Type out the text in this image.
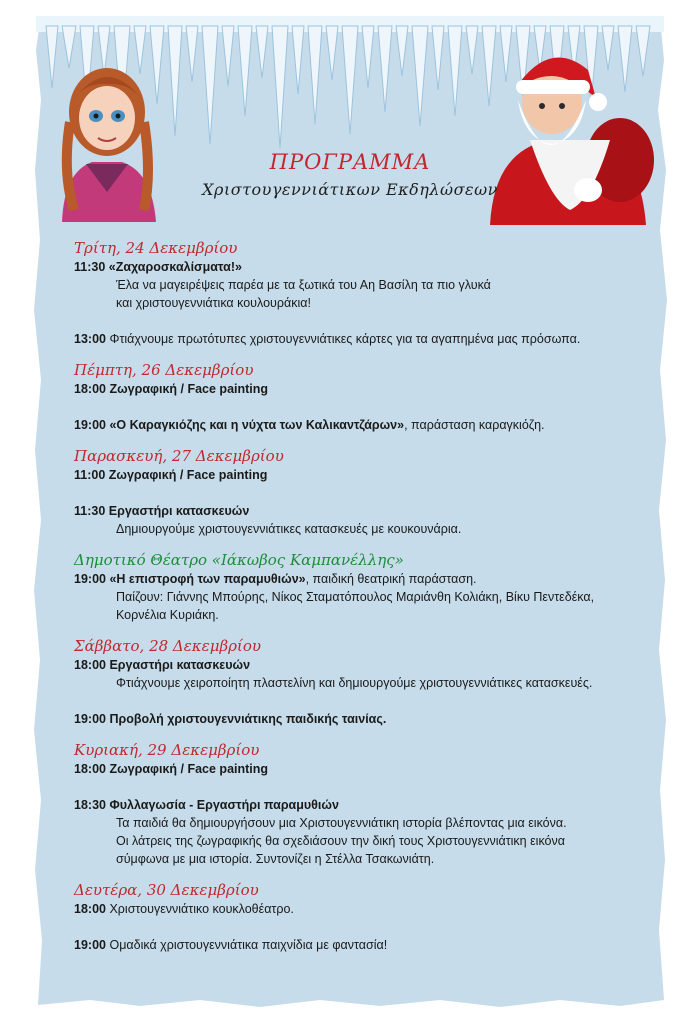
ΠΡΟΓΡΑΜΜΑ
Χριστουγεννιάτικων Εκδηλώσεων
Τρίτη, 24 Δεκεμβρίου
11:30 «Ζαχαροσκαλίσματα!»
Έλα να μαγειρέψεις παρέα με τα ξωτικά του Αη Βασίλη τα πιο γλυκά
και χριστουγεννιάτικα κουλουράκια!
13:00 Φτιάχνουμε πρωτότυπες χριστουγεννιάτικες κάρτες για τα αγαπημένα μας πρόσωπα.
Πέμπτη, 26 Δεκεμβρίου
18:00 Ζωγραφική / Face painting
19:00 «Ο Καραγκιόζης και η νύχτα των Καλικαντζάρων», παράσταση καραγκιόζη.
Παρασκευή, 27 Δεκεμβρίου
11:00 Ζωγραφική / Face painting
11:30 Εργαστήρι κατασκευών
Δημιουργούμε χριστουγεννιάτικες κατασκευές με κουκουνάρια.
Δημοτικό Θέατρο «Ιάκωβος Καμπανέλλης»
19:00 «Η επιστροφή των παραμυθιών», παιδική θεατρική παράσταση.
Παίζουν: Γιάννης Μπούρης, Νίκος Σταματόπουλος Μαριάνθη Κολιάκη, Βίκυ Πεντεδέκα,
Κορνέλια Κυριάκη.
Σάββατο, 28 Δεκεμβρίου
18:00 Εργαστήρι κατασκευών
Φτιάχνουμε χειροποίητη πλαστελίνη και δημιουργούμε χριστουγεννιάτικες κατασκευές.
19:00 Προβολή χριστουγεννιάτικης παιδικής ταινίας.
Κυριακή, 29 Δεκεμβρίου
18:00 Ζωγραφική / Face painting
18:30 Φυλλαγωσία - Εργαστήρι παραμυθιών
Τα παιδιά θα δημιουργήσουν μια Χριστουγεννιάτικη ιστορία βλέποντας μια εικόνα.
Οι λάτρεις της ζωγραφικής θα σχεδιάσουν την δική τους Χριστουγεννιάτικη εικόνα
σύμφωνα με μια ιστορία. Συντονίζει η Στέλλα Τσακωνιάτη.
Δευτέρα, 30 Δεκεμβρίου
18:00 Χριστουγεννιάτικο κουκλοθέατρο.
19:00 Ομαδικά χριστουγεννιάτικα παιχνίδια με φαντασία!
